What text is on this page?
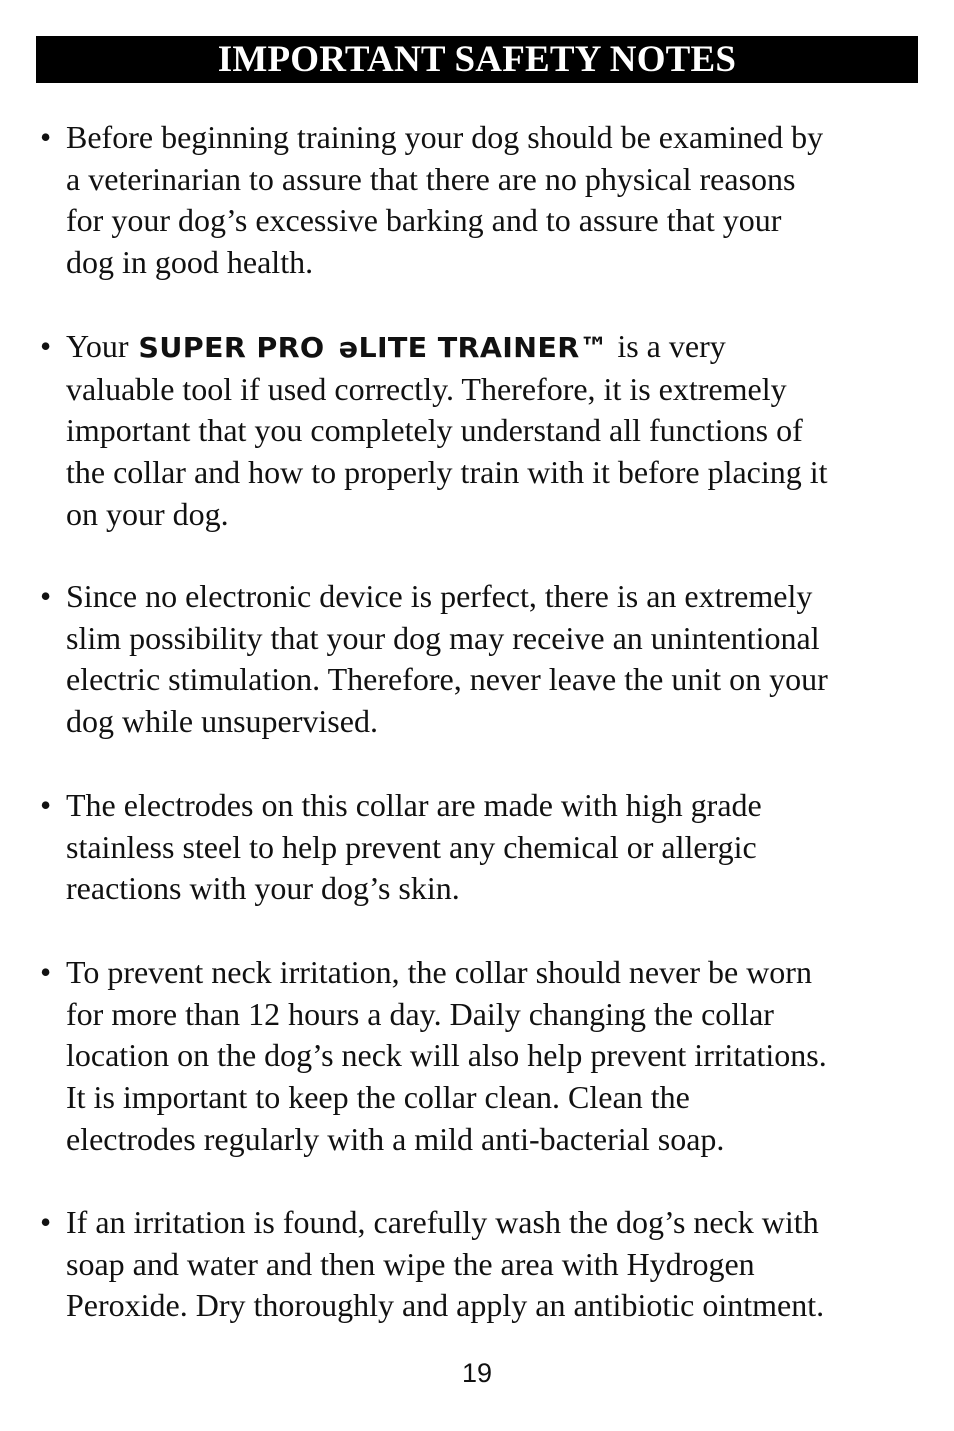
IMPORTANT SAFETY NOTES
• Before beginning training your dog should be examined by
a veterinarian to assure that there are no physical reasons
for your dog’s excessive barking and to assure that your
dog in good health.
• Your SUPER PRO əLITE TRAINER™ is a very
valuable tool if used correctly. Therefore, it is extremely
important that you completely understand all functions of
the collar and how to properly train with it before placing it
on your dog.
• Since no electronic device is perfect, there is an extremely
slim possibility that your dog may receive an unintentional
electric stimulation. Therefore, never leave the unit on your
dog while unsupervised.
• The electrodes on this collar are made with high grade
stainless steel to help prevent any chemical or allergic
reactions with your dog’s skin.
• To prevent neck irritation, the collar should never be worn
for more than 12 hours a day. Daily changing the collar
location on the dog’s neck will also help prevent irritations.
It is important to keep the collar clean. Clean the
electrodes regularly with a mild anti-bacterial soap.
• If an irritation is found, carefully wash the dog’s neck with
soap and water and then wipe the area with Hydrogen
Peroxide. Dry thoroughly and apply an antibiotic ointment.
19
